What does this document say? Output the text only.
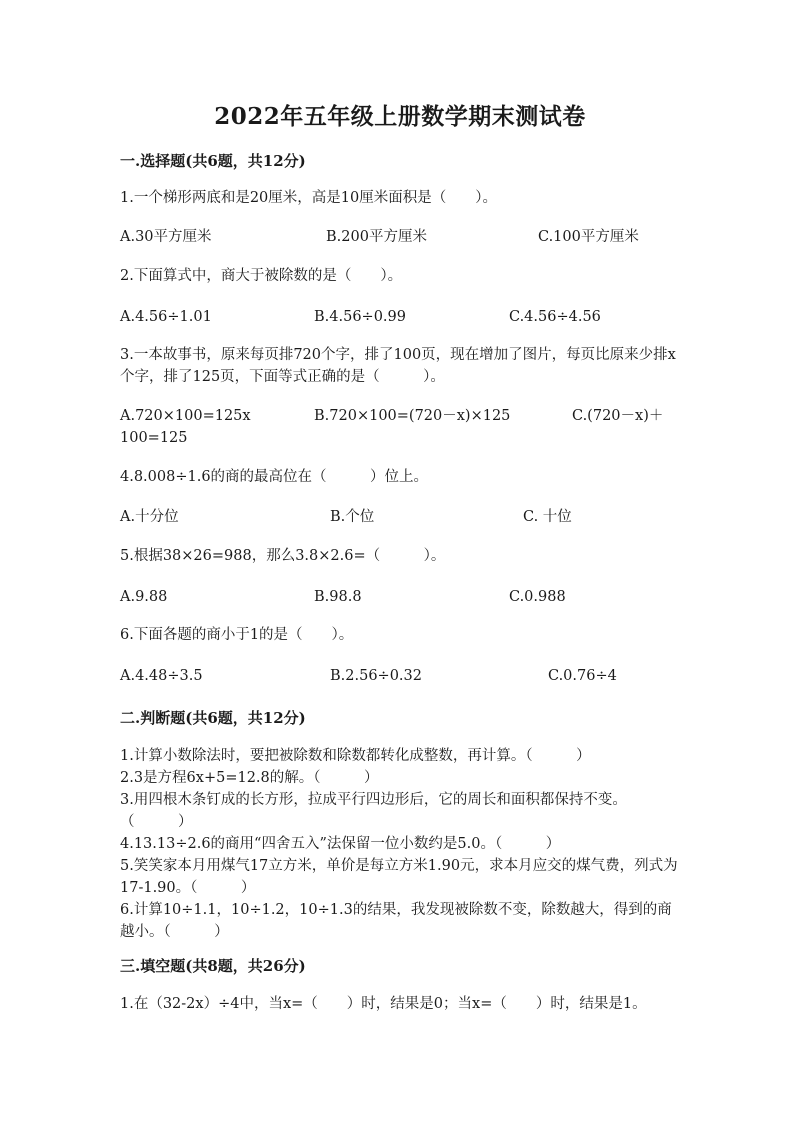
2022年五年级上册数学期末测试卷
一.选择题(共6题，共12分)
1.一个梯形两底和是20厘米，高是10厘米面积是（　　）。
A.30平方厘米	B.200平方厘米	C.100平方厘米
2.下面算式中，商大于被除数的是（　　）。
A.4.56÷1.01	B.4.56÷0.99	C.4.56÷4.56
3.一本故事书，原来每页排720个字，排了100页，现在增加了图片，每页比原来少排x个字，排了125页，下面等式正确的是（　　　）。
A.720×100=125x	B.720×100=(720－x)×125	C.(720－x)＋
100=125
4.8.008÷1.6的商的最高位在（　　　）位上。
A.十分位	B.个位	C. 十位
5.根据38×26=988，那么3.8×2.6=（　　　）。
A.9.88	B.98.8	C.0.988
6.下面各题的商小于1的是（　　）。
A.4.48÷3.5	B.2.56÷0.32	C.0.76÷4
二.判断题(共6题，共12分)
1.计算小数除法时，要把被除数和除数都转化成整数，再计算。（　　　）
2.3是方程6x+5=12.8的解。（　　　）
3.用四根木条钉成的长方形，拉成平行四边形后，它的周长和面积都保持不变。（　　　）
4.13.13÷2.6的商用“四舍五入”法保留一位小数约是5.0。（　　　）
5.笑笑家本月用煤气17立方米，单价是每立方米1.90元，求本月应交的煤气费，列式为17-1.90。（　　　）
6.计算10÷1.1，10÷1.2，10÷1.3的结果，我发现被除数不变，除数越大，得到的商越小。（　　　）
三.填空题(共8题，共26分)
1.在（32-2x）÷4中，当x=（　　）时，结果是0；当x=（　　）时，结果是1。
